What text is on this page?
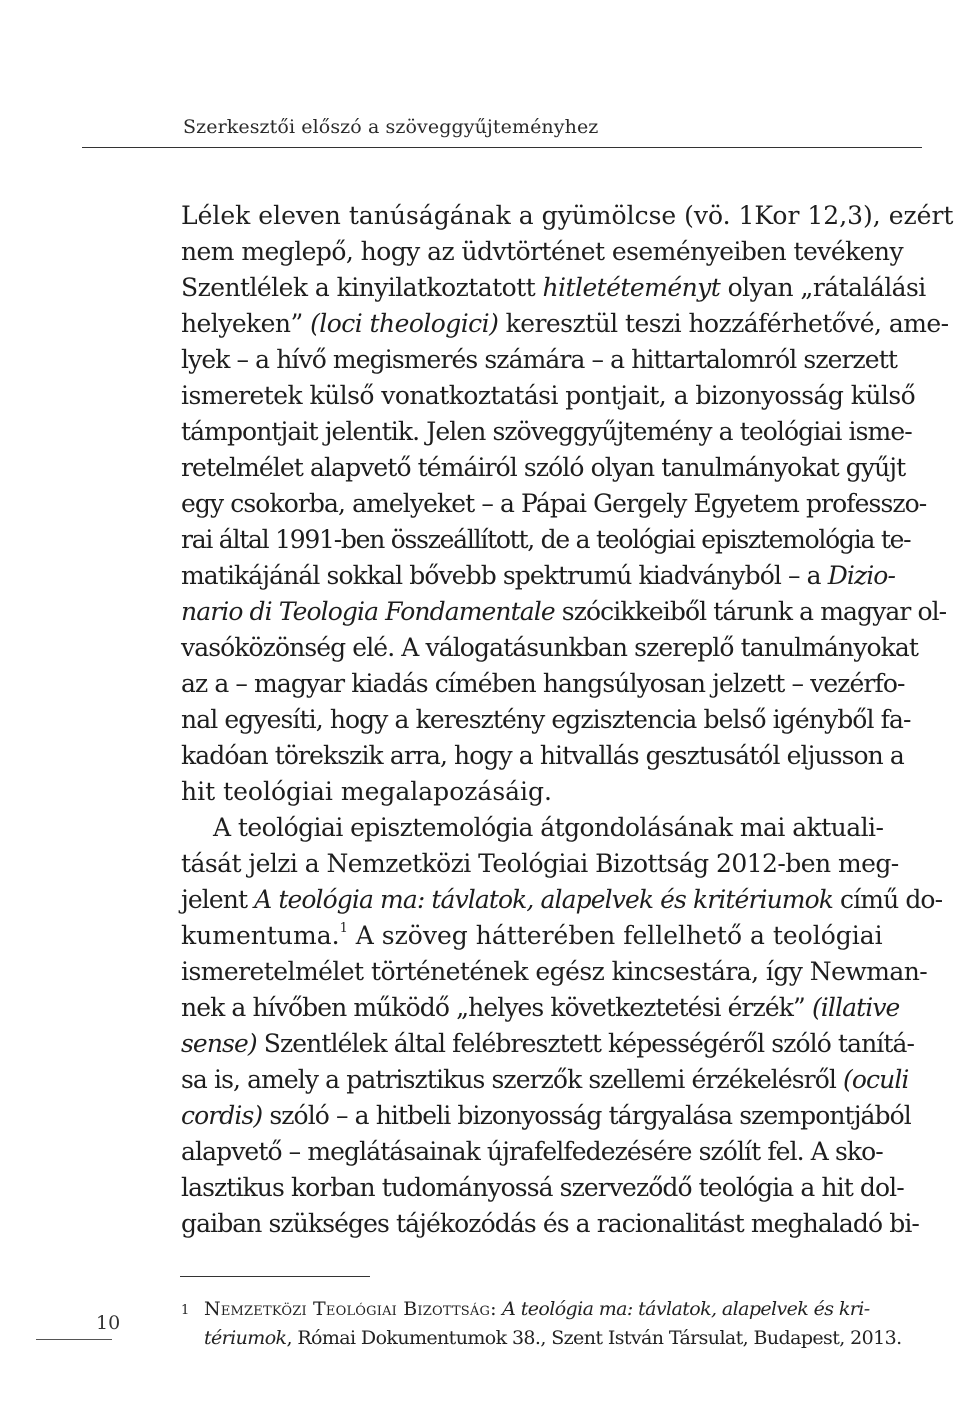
Szerkesztői előszó a szöveggyűjteményhez

Lélek eleven tanúságának a gyümölcse (vö. 1Kor 12,3), ezért
nem meglepő, hogy az üdvtörténet eseményeiben tevékeny
Szentlélek a kinyilatkoztatott hitletéteményt olyan „rátalálási
helyeken” (loci theologici) keresztül teszi hozzáférhetővé, ame-
lyek – a hívő megismerés számára – a hittartalomról szerzett
ismeretek külső vonatkoztatási pontjait, a bizonyosság külső
támpontjait jelentik. Jelen szöveggyűjtemény a teológiai isme-
retelmélet alapvető témáiról szóló olyan tanulmányokat gyűjt
egy csokorba, amelyeket – a Pápai Gergely Egyetem professzo-
rai által 1991-ben összeállított, de a teológiai episztemológia te-
matikájánál sokkal bővebb spektrumú kiadványból – a Dizio-
nario di Teologia Fondamentale szócikkeiből tárunk a magyar ol-
vasóközönség elé. A válogatásunkban szereplő tanulmányokat
az a – magyar kiadás címében hangsúlyosan jelzett – vezérfo-
nal egyesíti, hogy a keresztény egzisztencia belső igényből fa-
kadóan törekszik arra, hogy a hitvallás gesztusától eljusson a
hit teológiai megalapozásáig.

A teológiai episztemológia átgondolásának mai aktuali-

tását jelzi a Nemzetközi Teológiai Bizottság 2012-ben meg-
jelent A teológia ma: távlatok, alapelvek és kritériumok című do-
kumentuma.$^1$ A szöveg hátterében fellelhető a teológiai
ismeretelmélet történetének egész kincsestára, így Newman-
nek a hívőben működő „helyes következtetési érzék” (illative
sense) Szentlélek által felébresztett képességéről szóló tanítá-
sa is, amely a patrisztikus szerzők szellemi érzékelésről (oculi
cordis) szóló – a hitbeli bizonyosság tárgyalása szempontjából
alapvető – meglátásainak újrafelfedezésére szólít fel. A sko-
lasztikus korban tudományossá szerveződő teológia a hit dol-
gaiban szükséges tájékozódás és a racionalitást meghaladó bi-

1 Nemzetközi Teológiai Bizottság: A teológia ma: távlatok, alapelvek és kri-
tériumok, Római Dokumentumok 38., Szent István Társulat, Budapest, 2013.
10
